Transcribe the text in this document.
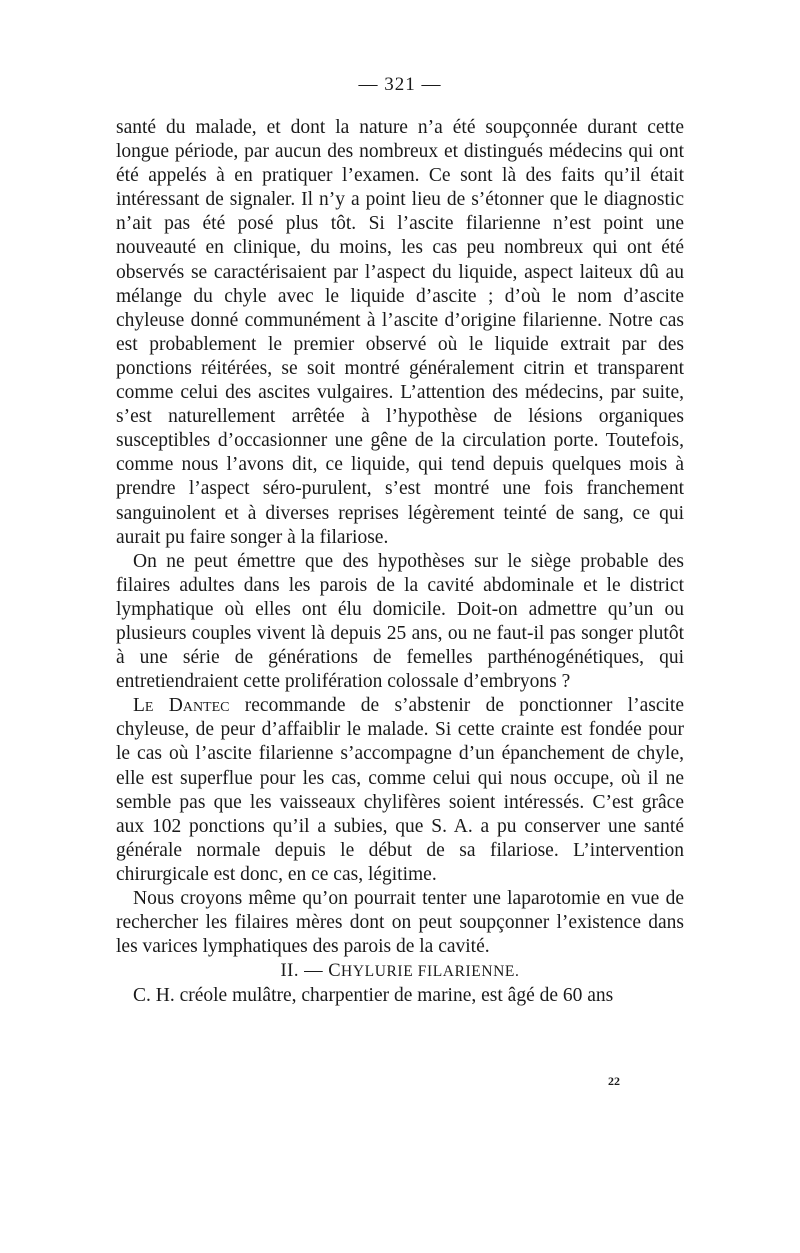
— 321 —

santé du malade, et dont la nature n’a été soupçonnée durant cette longue période, par aucun des nombreux et distingués médecins qui ont été appelés à en pratiquer l’examen. Ce sont là des faits qu’il était intéressant de signaler. Il n’y a point lieu de s’étonner que le diagnostic n’ait pas été posé plus tôt. Si l’ascite filarienne n’est point une nouveauté en clinique, du moins, les cas peu nombreux qui ont été observés se caractérisaient par l’aspect du liquide, aspect laiteux dû au mélange du chyle avec le liquide d’ascite ; d’où le nom d’ascite chyleuse donné communément à l’ascite d’origine filarienne. Notre cas est probablement le premier observé où le liquide extrait par des ponctions réitérées, se soit montré généralement citrin et transparent comme celui des ascites vulgaires. L’attention des médecins, par suite, s’est naturellement arrêtée à l’hypothèse de lésions organiques susceptibles d’occasionner une gêne de la circulation porte. Toutefois, comme nous l’avons dit, ce liquide, qui tend depuis quelques mois à prendre l’aspect séro-purulent, s’est montré une fois franchement sanguinolent et à diverses reprises légèrement teinté de sang, ce qui aurait pu faire songer à la filariose.

On ne peut émettre que des hypothèses sur le siège probable des filaires adultes dans les parois de la cavité abdominale et le district lymphatique où elles ont élu domicile. Doit-on admettre qu’un ou plusieurs couples vivent là depuis 25 ans, ou ne faut-il pas songer plutôt à une série de générations de femelles parthénogénétiques, qui entretiendraient cette prolifération colossale d’embryons ?

Le Dantec recommande de s’abstenir de ponctionner l’ascite chyleuse, de peur d’affaiblir le malade. Si cette crainte est fondée pour le cas où l’ascite filarienne s’accompagne d’un épanchement de chyle, elle est superflue pour les cas, comme celui qui nous occupe, où il ne semble pas que les vaisseaux chylifères soient intéressés. C’est grâce aux 102 ponctions qu’il a subies, que S. A. a pu conserver une santé générale normale depuis le début de sa filariose. L’intervention chirurgicale est donc, en ce cas, légitime.

Nous croyons même qu’on pourrait tenter une laparotomie en vue de rechercher les filaires mères dont on peut soupçonner l’existence dans les varices lymphatiques des parois de la cavité.

II. — CHYLURIE FILARIENNE.

C. H. créole mulâtre, charpentier de marine, est âgé de 60 ans

22
